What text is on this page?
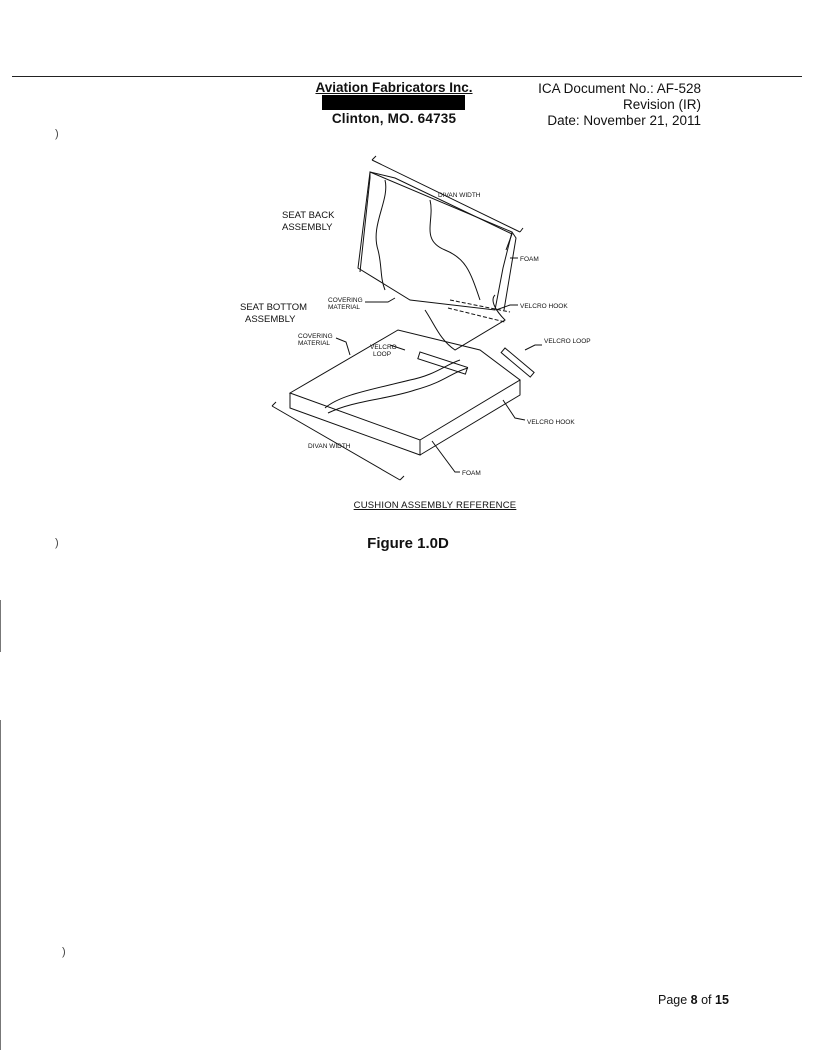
Aviation Fabricators Inc.
Clinton, MO. 64735
ICA Document No.: AF-528
Revision (IR)
Date: November 21, 2011
SEAT BACK
ASSEMBLY
SEAT BOTTOM
ASSEMBLY
DIVAN WIDTH
DIVAN WIDTH
FOAM
FOAM
COVERING
MATERIAL
COVERING
MATERIAL
VELCRO HOOK
VELCRO LOOP
VELCRO
LOOP
VELCRO HOOK
CUSHION ASSEMBLY REFERENCE
Figure 1.0D
Page 8 of 15
)
)
)
